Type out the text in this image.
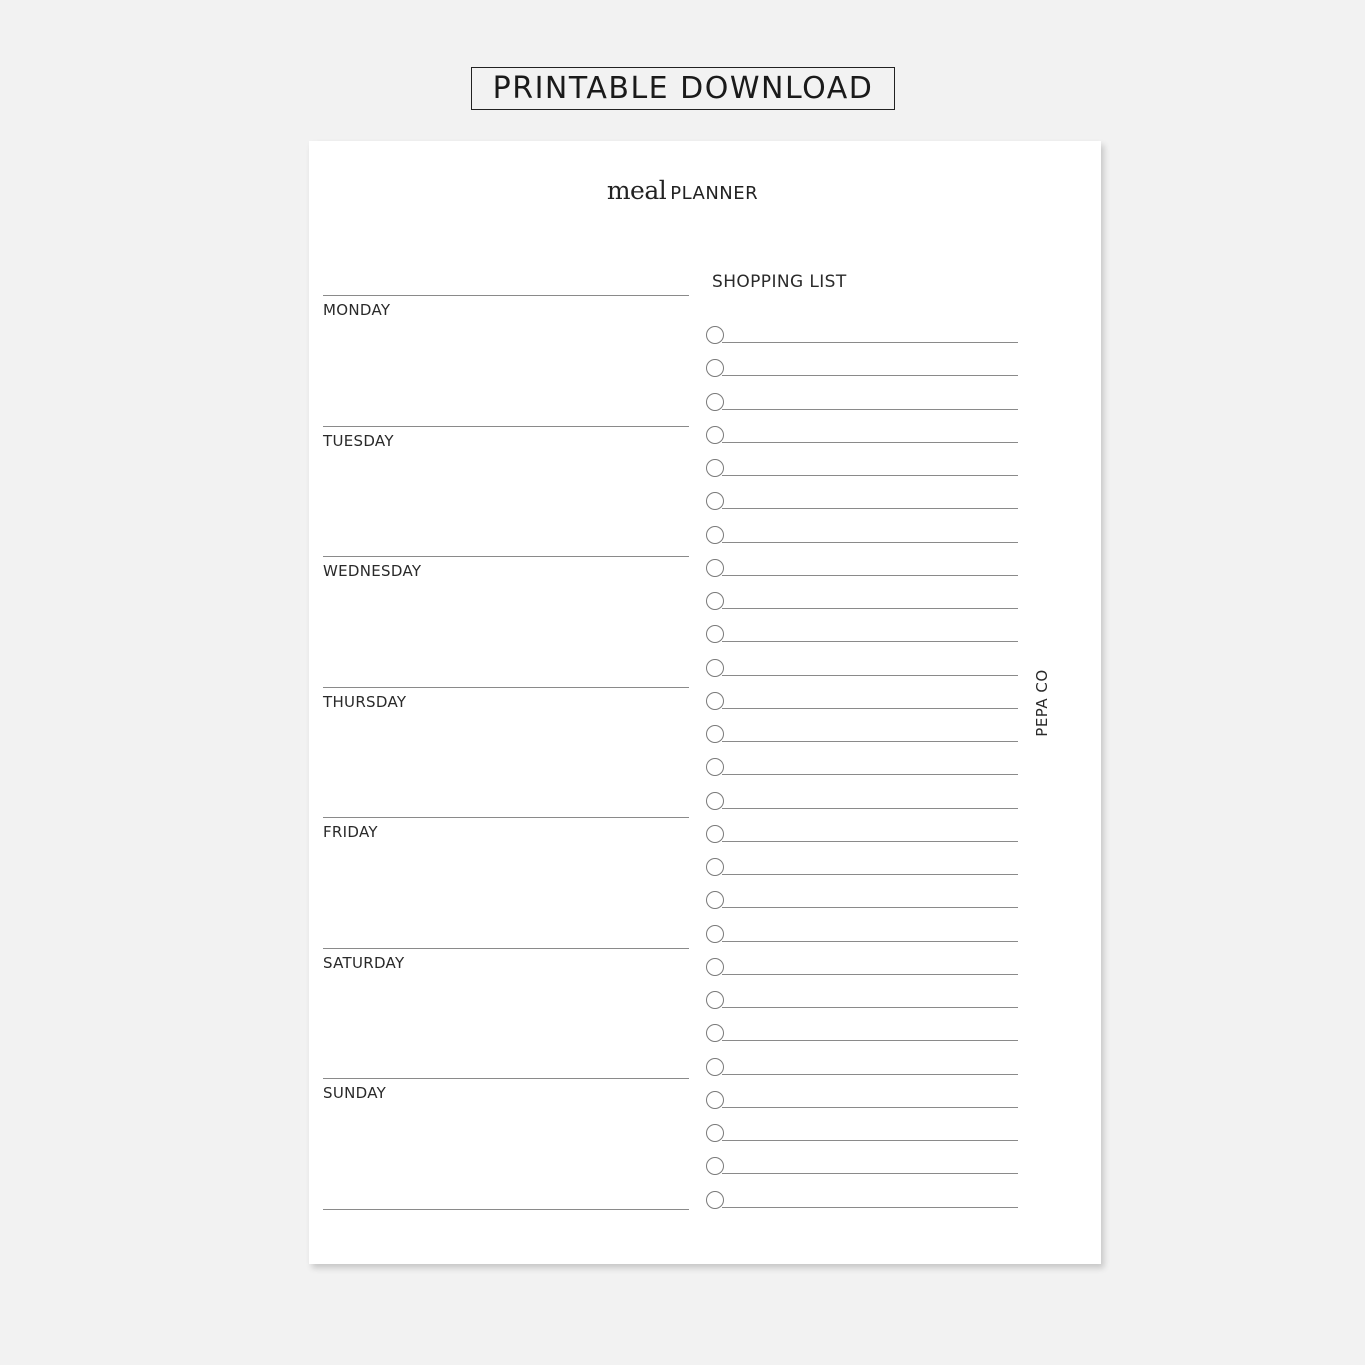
PRINTABLE DOWNLOAD
meal PLANNER
MONDAY
TUESDAY
WEDNESDAY
THURSDAY
FRIDAY
SATURDAY
SUNDAY
SHOPPING LIST
PEPA CO
